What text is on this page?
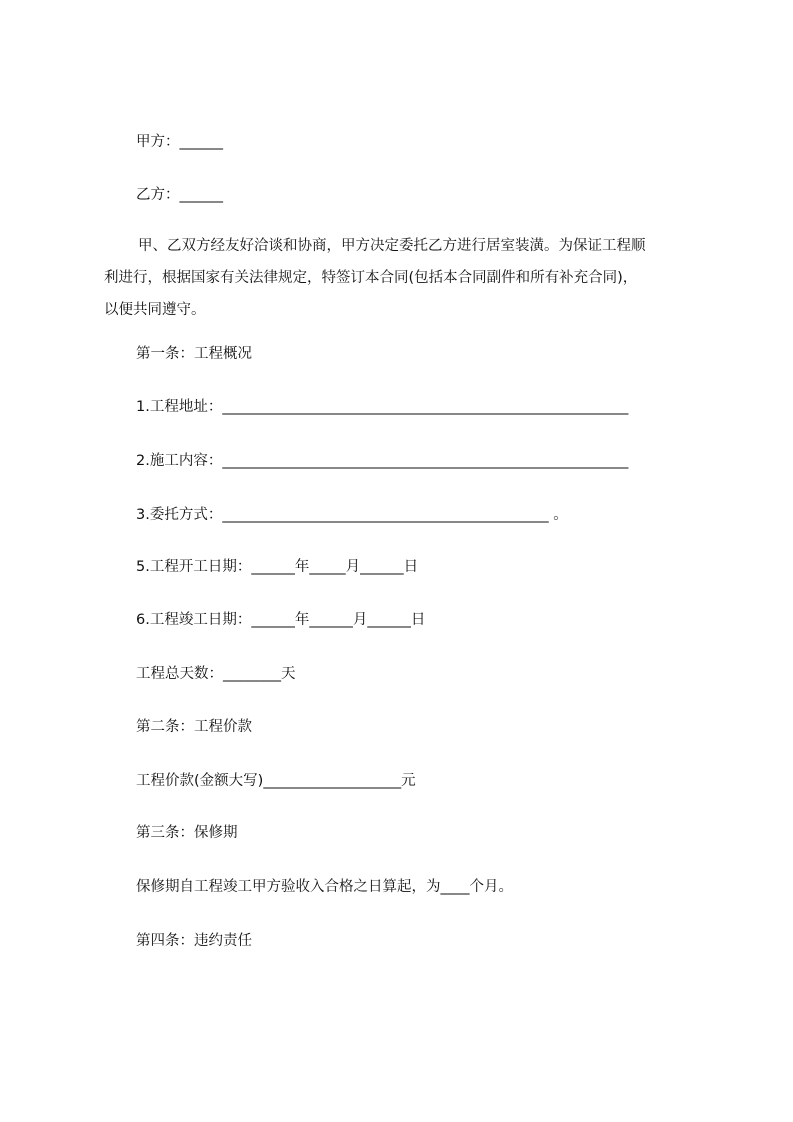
甲方：______
乙方：______
甲、乙双方经友好洽谈和协商，甲方决定委托乙方进行居室装潢。为保证工程顺
利进行，根据国家有关法律规定，特签订本合同(包括本合同副件和所有补充合同)，
以便共同遵守。
第一条：工程概况
1.工程地址：________________________________________________________
2.施工内容：________________________________________________________
3.委托方式：_____________________________________________ 。
5.工程开工日期：______年_____月______日
6.工程竣工日期：______年______月______日
工程总天数：________天
第二条：工程价款
工程价款(金额大写)___________________元
第三条：保修期
保修期自工程竣工甲方验收入合格之日算起，为____个月。
第四条：违约责任
